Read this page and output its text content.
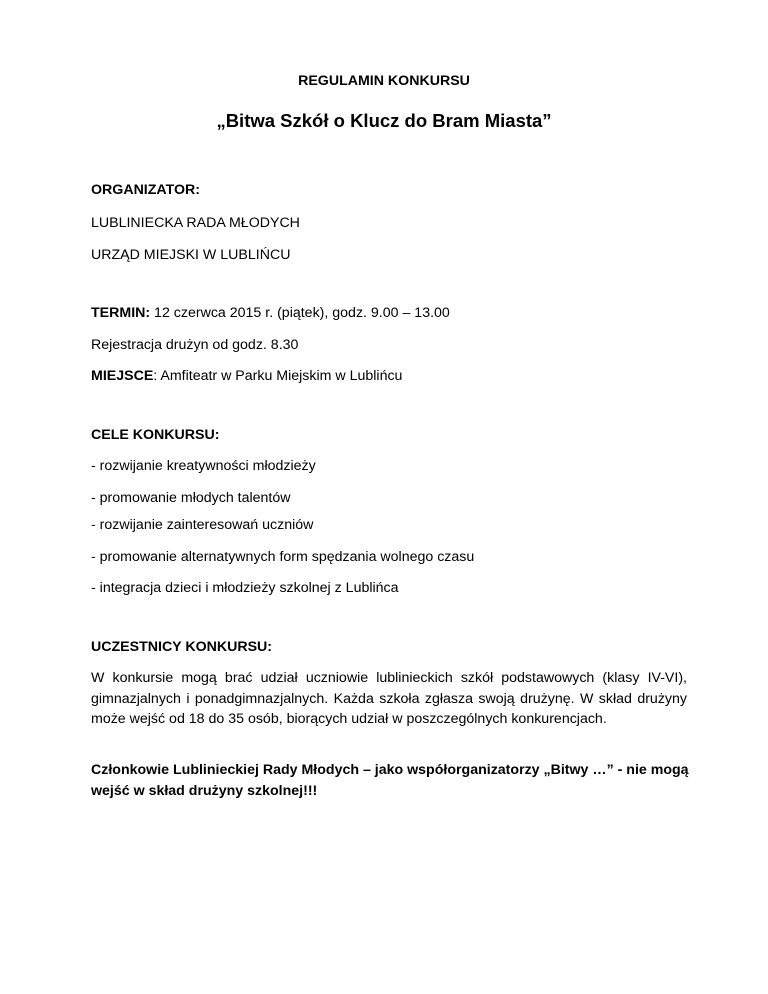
REGULAMIN KONKURSU
„Bitwa Szkół o Klucz do Bram Miasta”
ORGANIZATOR:
LUBLINIECKA RADA MŁODYCH
URZĄD MIEJSKI W LUBLIŃCU
TERMIN: 12 czerwca 2015 r. (piątek), godz. 9.00 – 13.00
Rejestracja drużyn od godz. 8.30
MIEJSCE: Amfiteatr w Parku Miejskim w Lublińcu
CELE KONKURSU:
- rozwijanie kreatywności młodzieży
- promowanie młodych talentów
- rozwijanie zainteresowań uczniów
- promowanie alternatywnych form spędzania wolnego czasu
- integracja dzieci i młodzieży szkolnej z Lublińca
UCZESTNICY KONKURSU:
W konkursie mogą brać udział uczniowie lublinieckich szkół podstawowych (klasy IV-VI), gimnazjalnych i ponadgimnazjalnych. Każda szkoła zgłasza swoją drużynę. W skład drużyny może wejść od 18 do 35 osób, biorących udział w poszczególnych konkurencjach.
Członkowie Lublinieckiej Rady Młodych – jako współorganizatorzy „Bitwy …” - nie mogą wejść w skład drużyny szkolnej!!!
